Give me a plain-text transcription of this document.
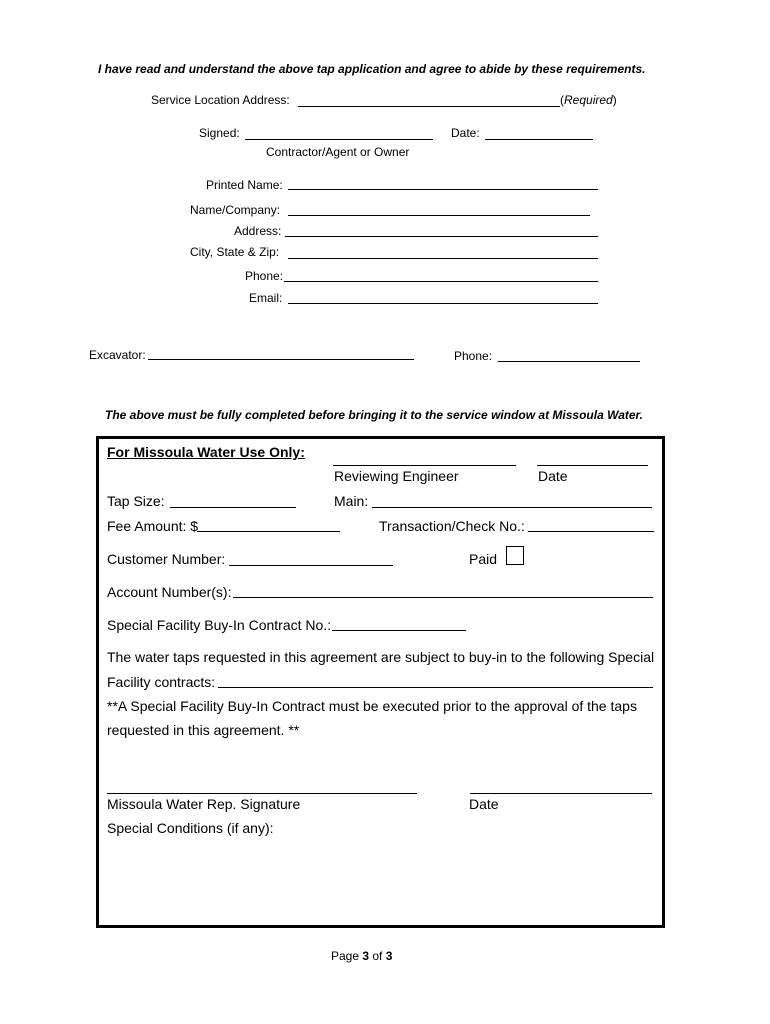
I have read and understand the above tap application and agree to abide by these requirements.
Service Location Address:	(Required)
Signed:	Date:
Contractor/Agent or Owner
Printed Name:
Name/Company:
Address:
City, State & Zip:
Phone:
Email:
Excavator:	Phone:
The above must be fully completed before bringing it to the service window at Missoula Water.
For Missoula Water Use Only:
Reviewing Engineer	Date
Tap Size:	Main:
Fee Amount: $	Transaction/Check No.:
Customer Number:	Paid
Account Number(s):
Special Facility Buy-In Contract No.:
The water taps requested in this agreement are subject to buy-in to the following Special
Facility contracts:
**A Special Facility Buy-In Contract must be executed prior to the approval of the taps
requested in this agreement. **
Missoula Water Rep. Signature	Date
Special Conditions (if any):
Page 3 of 3
